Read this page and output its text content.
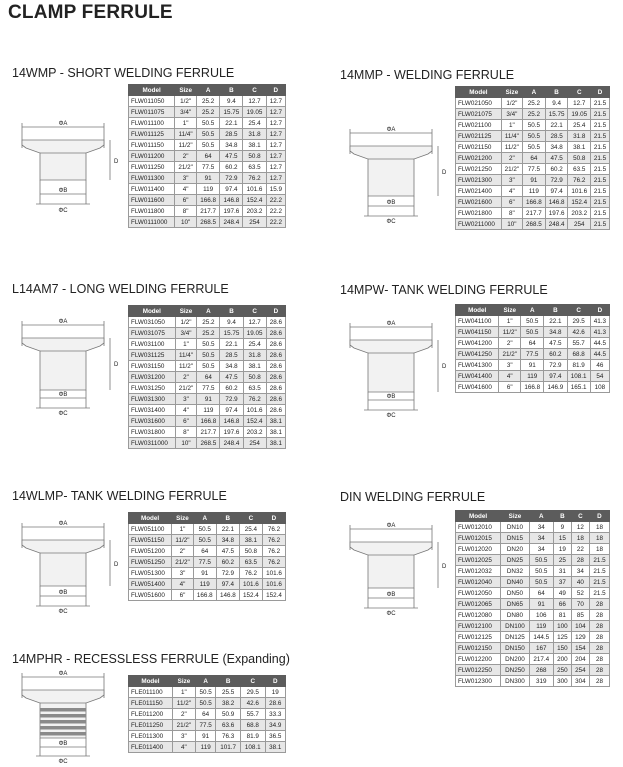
CLAMP FERRULE
14WMP - SHORT WELDING FERRULE	14MMP - WELDING FERRULE
L14AM7 - LONG WELDING FERRULE	14MPW- TANK WELDING FERRULE
14WLMP- TANK WELDING FERRULE	DIN WELDING FERRULE
14MPHR - RECESSLESS FERRULE (Expanding)
ΦA
ΦB
ΦC
D
ΦA
ΦB
ΦC
D
ΦA
ΦB
ΦC
D
ΦA
ΦB
ΦC
D
ΦA
ΦB
ΦC
D
ΦA
ΦB
ΦC
D
ΦA
ΦB
ΦC
Model	Size	A	B	C	D
FLW011050	1/2"	25.2	9.4	12.7	12.7
FLW011075	3/4"	25.2	15.75	19.05	12.7
FLW011100	1"	50.5	22.1	25.4	12.7
FLW011125	11/4"	50.5	28.5	31.8	12.7
FLW011150	11/2"	50.5	34.8	38.1	12.7
FLW011200	2"	64	47.5	50.8	12.7
FLW011250	21/2"	77.5	60.2	63.5	12.7
FLW011300	3"	91	72.9	76.2	12.7
FLW011400	4"	119	97.4	101.6	15.9
FLW011600	6"	166.8	146.8	152.4	22.2
FLW011800	8"	217.7	197.6	203.2	22.2
FLW0111000	10"	268.5	248.4	254	22.2
Model	Size	A	B	C	D
FLW021050	1/2"	25.2	9.4	12.7	21.5
FLW021075	3/4"	25.2	15.75	19.05	21.5
FLW021100	1"	50.5	22.1	25.4	21.5
FLW021125	11/4"	50.5	28.5	31.8	21.5
FLW021150	11/2"	50.5	34.8	38.1	21.5
FLW021200	2"	64	47.5	50.8	21.5
FLW021250	21/2"	77.5	60.2	63.5	21.5
FLW021300	3"	91	72.9	76.2	21.5
FLW021400	4"	119	97.4	101.6	21.5
FLW021600	6"	166.8	146.8	152.4	21.5
FLW021800	8"	217.7	197.6	203.2	21.5
FLW0211000	10"	268.5	248.4	254	21.5
Model	Size	A	B	C	D
FLW031050	1/2"	25.2	9.4	12.7	28.6
FLW031075	3/4"	25.2	15.75	19.05	28.6
FLW031100	1"	50.5	22.1	25.4	28.6
FLW031125	11/4"	50.5	28.5	31.8	28.6
FLW031150	11/2"	50.5	34.8	38.1	28.6
FLW031200	2"	64	47.5	50.8	28.6
FLW031250	21/2"	77.5	60.2	63.5	28.6
FLW031300	3"	91	72.9	76.2	28.6
FLW031400	4"	119	97.4	101.6	28.6
FLW031600	6"	166.8	146.8	152.4	38.1
FLW031800	8"	217.7	197.6	203.2	38.1
FLW0311000	10"	268.5	248.4	254	38.1
Model	Size	A	B	C	D
FLW041100	1"	50.5	22.1	29.5	41.3
FLW041150	11/2"	50.5	34.8	42.6	41.3
FLW041200	2"	64	47.5	55.7	44.5
FLW041250	21/2"	77.5	60.2	68.8	44.5
FLW041300	3"	91	72.9	81.9	46
FLW041400	4"	119	97.4	108.1	54
FLW041600	6"	166.8	146.9	165.1	108
Model	Size	A	B	C	D
FLW051100	1"	50.5	22.1	25.4	76.2
FLW051150	11/2"	50.5	34.8	38.1	76.2
FLW051200	2"	64	47.5	50.8	76.2
FLW051250	21/2"	77.5	60.2	63.5	76.2
FLW051300	3"	91	72.9	76.2	101.6
FLW051400	4"	119	97.4	101.6	101.6
FLW051600	6"	166.8	146.8	152.4	152.4
Model	Size	A	B	C	D
FLW012010	DN10	34	9	12	18
FLW012015	DN15	34	15	18	18
FLW012020	DN20	34	19	22	18
FLW012025	DN25	50.5	25	28	21.5
FLW012032	DN32	50.5	31	34	21.5
FLW012040	DN40	50.5	37	40	21.5
FLW012050	DN50	64	49	52	21.5
FLW012065	DN65	91	66	70	28
FLW012080	DN80	106	81	85	28
FLW012100	DN100	119	100	104	28
FLW012125	DN125	144.5	125	129	28
FLW012150	DN150	167	150	154	28
FLW012200	DN200	217.4	200	204	28
FLW012250	DN250	268	250	254	28
FLW012300	DN300	319	300	304	28
Model	Size	A	B	C	D
FLE011100	1"	50.5	25.5	29.5	19
FLE011150	11/2"	50.5	38.2	42.6	28.6
FLE011200	2"	64	50.9	55.7	33.3
FLE011250	21/2"	77.5	63.6	68.8	34.9
FLE011300	3"	91	76.3	81.9	36.5
FLE011400	4"	119	101.7	108.1	38.1
